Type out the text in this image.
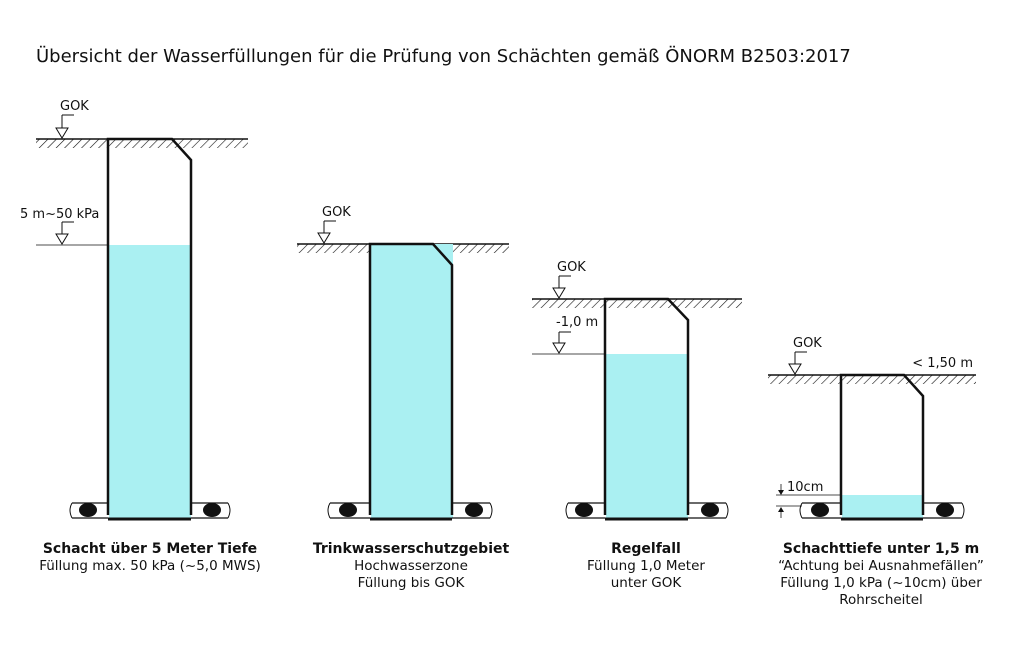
Übersicht der Wasserfüllungen für die Prüfung von Schächten gemäß ÖNORM B2503:2017
GOK
5 m~50 kPa
Schacht über 5 Meter Tiefe
Füllung max. 50 kPa (~5,0 MWS)
GOK
Trinkwasserschutzgebiet
Hochwasserzone
Füllung bis GOK
GOK
-1,0 m
Regelfall
Füllung 1,0 Meter
unter GOK
GOK
< 1,50 m
10cm
Schachttiefe unter 1,5 m
“Achtung bei Ausnahmefällen”
Füllung 1,0 kPa (~10cm) über
Rohrscheitel
